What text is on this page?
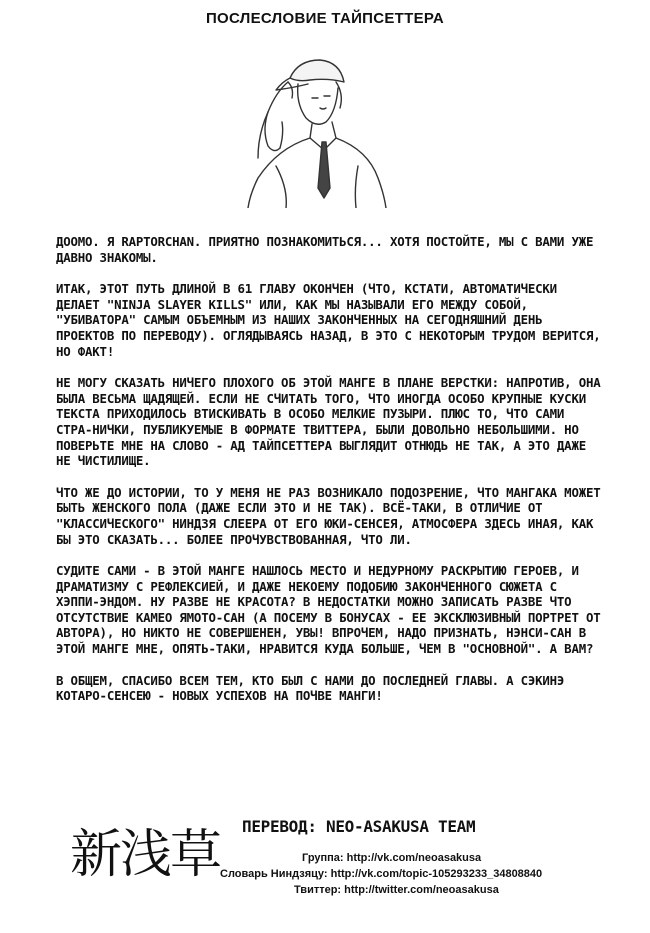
ПОСЛЕСЛОВИЕ ТАЙПСЕТТЕРА

ДООМО. Я RAPTORCHAN. ПРИЯТНО ПОЗНАКОМИТЬСЯ... ХОТЯ ПОСТОЙТЕ, МЫ С ВАМИ УЖЕ ДАВНО ЗНАКОМЫ.

ИТАК, ЭТОТ ПУТЬ ДЛИНОЙ В 61 ГЛАВУ ОКОНЧЕН (ЧТО, КСТАТИ, АВТОМАТИЧЕСКИ ДЕЛАЕТ "NINJA SLAYER KILLS" ИЛИ, КАК МЫ НАЗЫВАЛИ ЕГО МЕЖДУ СОБОЙ, "УБИВАТОРА" САМЫМ ОБЪЕМНЫМ ИЗ НАШИХ ЗАКОНЧЕННЫХ НА СЕГОДНЯШНИЙ ДЕНЬ ПРОЕКТОВ ПО ПЕРЕВОДУ). ОГЛЯДЫВАЯСЬ НАЗАД, В ЭТО С НЕКОТОРЫМ ТРУДОМ ВЕРИТСЯ, НО ФАКТ!

НЕ МОГУ СКАЗАТЬ НИЧЕГО ПЛОХОГО ОБ ЭТОЙ МАНГЕ В ПЛАНЕ ВЕРСТКИ: НАПРОТИВ, ОНА БЫЛА ВЕСЬМА ЩАДЯЩЕЙ. ЕСЛИ НЕ СЧИТАТЬ ТОГО, ЧТО ИНОГДА ОСОБО КРУПНЫЕ КУСКИ ТЕКСТА ПРИХОДИЛОСЬ ВТИСКИВАТЬ В ОСОБО МЕЛКИЕ ПУЗЫРИ. ПЛЮС ТО, ЧТО САМИ СТРА-НИЧКИ, ПУБЛИКУЕМЫЕ В ФОРМАТЕ ТВИТТЕРА, БЫЛИ ДОВОЛЬНО НЕБОЛЬШИМИ. НО ПОВЕРЬТЕ МНЕ НА СЛОВО - АД ТАЙПСЕТТЕРА ВЫГЛЯДИТ ОТНЮДЬ НЕ ТАК, А ЭТО ДАЖЕ НЕ ЧИСТИЛИЩЕ.

ЧТО ЖЕ ДО ИСТОРИИ, ТО У МЕНЯ НЕ РАЗ ВОЗНИКАЛО ПОДОЗРЕНИЕ, ЧТО МАНГАКА МОЖЕТ БЫТЬ ЖЕНСКОГО ПОЛА (ДАЖЕ ЕСЛИ ЭТО И НЕ ТАК). ВСЁ-ТАКИ, В ОТЛИЧИЕ ОТ "КЛАССИЧЕСКОГО" НИНДЗЯ СЛЕЕРА ОТ ЕГО ЮКИ-СЕНСЕЯ, АТМОСФЕРА ЗДЕСЬ ИНАЯ, КАК БЫ ЭТО СКАЗАТЬ... БОЛЕЕ ПРОЧУВСТВОВАННАЯ, ЧТО ЛИ.

СУДИТЕ САМИ - В ЭТОЙ МАНГЕ НАШЛОСЬ МЕСТО И НЕДУРНОМУ РАСКРЫТИЮ ГЕРОЕВ, И ДРАМАТИЗМУ С РЕФЛЕКСИЕЙ, И ДАЖЕ НЕКОЕМУ ПОДОБИЮ ЗАКОНЧЕННОГО СЮЖЕТА С ХЭППИ-ЭНДОМ. НУ РАЗВЕ НЕ КРАСОТА? В НЕДОСТАТКИ МОЖНО ЗАПИСАТЬ РАЗВЕ ЧТО ОТСУТСТВИЕ КАМЕО ЯМОТО-САН (А ПОСЕМУ В БОНУСАХ - ЕЕ ЭКСКЛЮЗИВНЫЙ ПОРТРЕТ ОТ АВТОРА), НО НИКТО НЕ СОВЕРШЕНЕН, УВЫ! ВПРОЧЕМ, НАДО ПРИЗНАТЬ, НЭНСИ-САН В ЭТОЙ МАНГЕ МНЕ, ОПЯТЬ-ТАКИ, НРАВИТСЯ КУДА БОЛЬШЕ, ЧЕМ В "ОСНОВНОЙ". А ВАМ?

В ОБЩЕМ, СПАСИБО ВСЕМ ТЕМ, КТО БЫЛ С НАМИ ДО ПОСЛЕДНЕЙ ГЛАВЫ. А СЭКИНЭ КОТАРО-СЕНСЕЮ - НОВЫХ УСПЕХОВ НА ПОЧВЕ МАНГИ!

新浅草 ПЕРЕВОД: NEO-ASAKUSA TEAM
Группа: http://vk.com/neoasakusa
Словарь Ниндзяцу: http://vk.com/topic-105293233_34808840
Твиттер: http://twitter.com/neoasakusa
